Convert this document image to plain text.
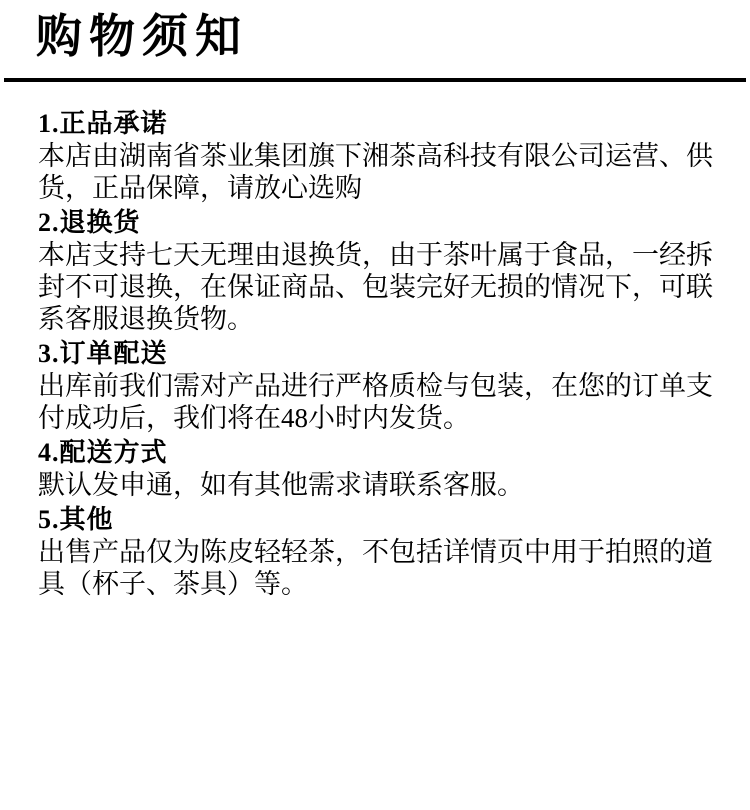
购物须知
1.正品承诺
本店由湖南省茶业集团旗下湘茶高科技有限公司运营、供货，正品保障，请放心选购
2.退换货
本店支持七天无理由退换货，由于茶叶属于食品，一经拆封不可退换，在保证商品、包装完好无损的情况下，可联系客服退换货物。
3.订单配送
出库前我们需对产品进行严格质检与包装，在您的订单支付成功后，我们将在48小时内发货。
4.配送方式
默认发申通，如有其他需求请联系客服。
5.其他
出售产品仅为陈皮轻轻茶，不包括详情页中用于拍照的道具（杯子、茶具）等。
